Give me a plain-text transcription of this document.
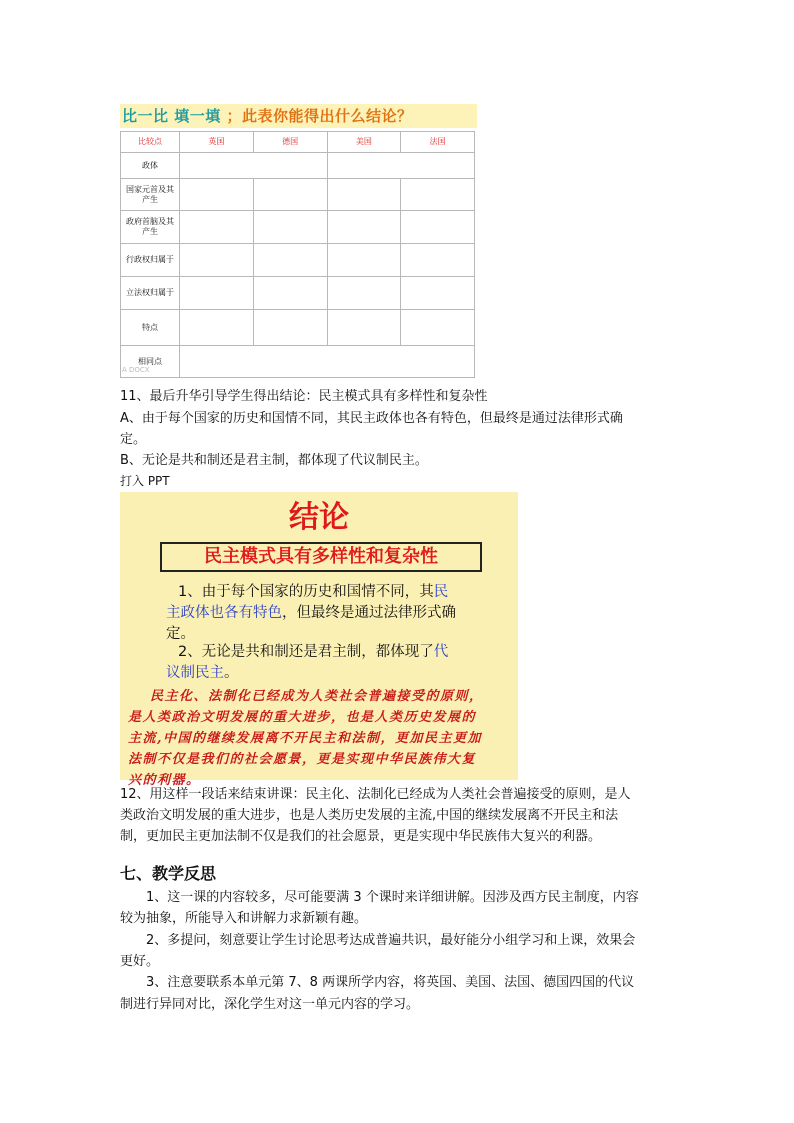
比一比 填一填 ；此表你能得出什么结论？
比较点	英国	德国	美国	法国
政体				
国家元首及其产生				
政府首脑及其产生				
行政权归属于				
立法权归属于				
特点				
相同点				
A DOCX
11、最后升华引导学生得出结论：民主模式具有多样性和复杂性
A、由于每个国家的历史和国情不同，其民主政体也各有特色，但最终是通过法律形式确
定。
B、无论是共和制还是君主制，都体现了代议制民主。
打入 PPT
结论
民主模式具有多样性和复杂性
1、由于每个国家的历史和国情不同，其民
主政体也各有特色，但最终是通过法律形式确
定。
2、无论是共和制还是君主制，都体现了代
议制民主。
民主化、法制化已经成为人类社会普遍接受的原则，
是人类政治文明发展的重大进步，也是人类历史发展的
主流,中国的继续发展离不开民主和法制，更加民主更加
法制不仅是我们的社会愿景，更是实现中华民族伟大复
兴的利器。
12、用这样一段话来结束讲课：民主化、法制化已经成为人类社会普遍接受的原则，是人
类政治文明发展的重大进步，也是人类历史发展的主流,中国的继续发展离不开民主和法
制，更加民主更加法制不仅是我们的社会愿景，更是实现中华民族伟大复兴的利器。
七、教学反思
1、这一课的内容较多，尽可能要满 3 个课时来详细讲解。因涉及西方民主制度，内容
较为抽象，所能导入和讲解力求新颖有趣。
2、多提问，刻意要让学生讨论思考达成普遍共识，最好能分小组学习和上课，效果会
更好。
3、注意要联系本单元第 7、8 两课所学内容，将英国、美国、法国、德国四国的代议
制进行异同对比，深化学生对这一单元内容的学习。
